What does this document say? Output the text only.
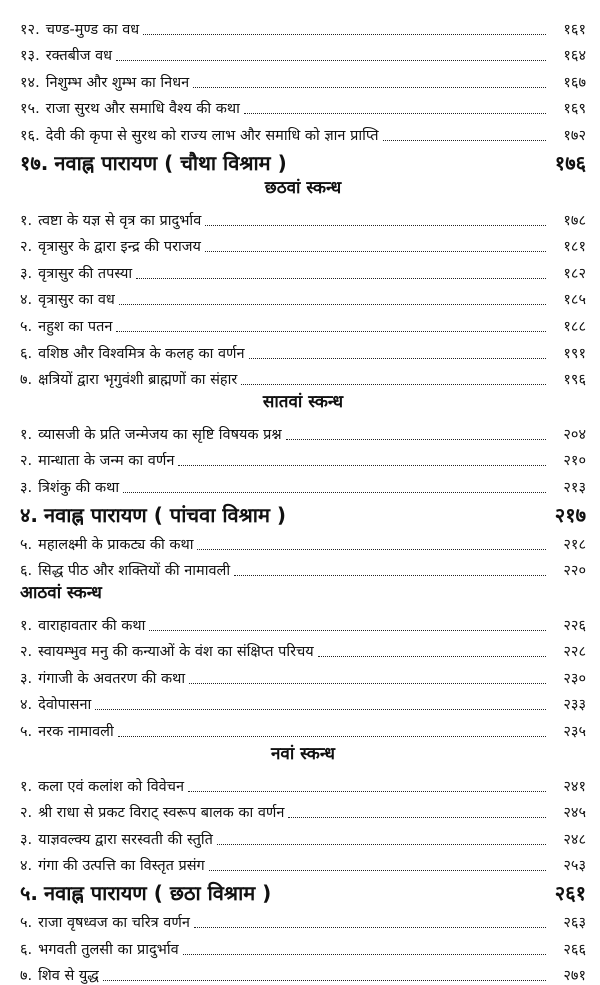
१२. चण्ड-मुण्ड का वध	१६१
१३. रक्तबीज वध	१६४
१४. निशुम्भ और शुम्भ का निधन	१६७
१५. राजा सुरथ और समाधि वैश्य की कथा	१६९
१६. देवी की कृपा से सुरथ को राज्य लाभ और समाधि को ज्ञान प्राप्ति	१७२
१७. नवाह्न पारायण ( चौथा विश्राम )	१७६
छठवां स्कन्ध
१. त्वष्टा के यज्ञ से वृत्र का प्रादुर्भाव	१७८
२. वृत्रासुर के द्वारा इन्द्र की पराजय	१८१
३. वृत्रासुर की तपस्या	१८२
४. वृत्रासुर का वध	१८५
५. नहुश का पतन	१८८
६. वशिष्ठ और विश्वमित्र के कलह का वर्णन	१९१
७. क्षत्रियों द्वारा भृगुवंशी ब्राह्मणों का संहार	१९६
सातवां स्कन्ध
१. व्यासजी के प्रति जन्मेजय का सृष्टि विषयक प्रश्न	२०४
२. मान्धाता के जन्म का वर्णन	२१०
३. त्रिशंकु की कथा	२१३
४. नवाह्न पारायण ( पांचवा विश्राम )	२१७
५. महालक्ष्मी के प्राकट्य की कथा	२१८
६. सिद्ध पीठ और शक्तियों की नामावली	२२०
आठवां स्कन्ध
१. वाराहावतार की कथा	२२६
२. स्वायम्भुव मनु की कन्याओं के वंश का संक्षिप्त परिचय	२२८
३. गंगाजी के अवतरण की कथा	२३०
४. देवोपासना	२३३
५. नरक नामावली	२३५
नवां स्कन्ध
१. कला एवं कलांश को विवेचन	२४१
२. श्री राधा से प्रकट विराट् स्वरूप बालक का वर्णन	२४५
३. याज्ञवल्क्य द्वारा सरस्वती की स्तुति	२४८
४. गंगा की उत्पत्ति का विस्तृत प्रसंग	२५३
५. नवाह्न पारायण ( छठा विश्राम )	२६१
५. राजा वृषध्वज का चरित्र वर्णन	२६३
६. भगवती तुलसी का प्रादुर्भाव	२६६
७. शिव से युद्ध	२७१
